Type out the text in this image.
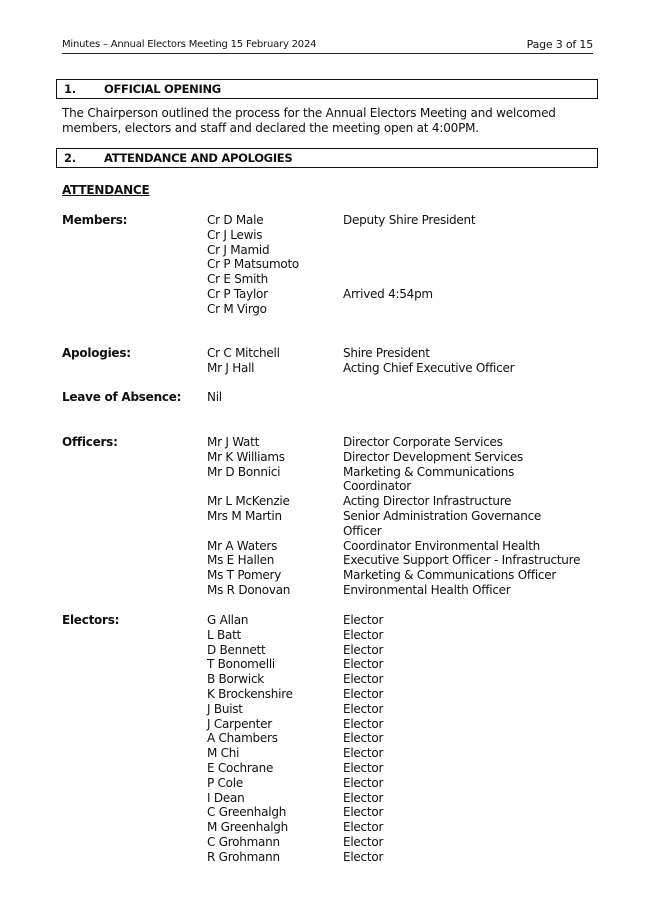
Minutes – Annual Electors Meeting 15 February 2024	Page 3 of 15
1. OFFICIAL OPENING
The Chairperson outlined the process for the Annual Electors Meeting and welcomed members, electors and staff and declared the meeting open at 4:00PM.
2. ATTENDANCE AND APOLOGIES
ATTENDANCE
Members:	Cr D Male	Deputy Shire President
Cr J Lewis
Cr J Mamid
Cr P Matsumoto
Cr E Smith
Cr P Taylor	Arrived 4:54pm
Cr M Virgo
Apologies:	Cr C Mitchell	Shire President
Mr J Hall	Acting Chief Executive Officer
Leave of Absence: Nil
Officers:	Mr J Watt	Director Corporate Services
Mr K Williams	Director Development Services
Mr D Bonnici	Marketing & Communications
Coordinator
Mr L McKenzie	Acting Director Infrastructure
Mrs M Martin	Senior Administration Governance
Officer
Mr A Waters	Coordinator Environmental Health
Ms E Hallen	Executive Support Officer - Infrastructure
Ms T Pomery	Marketing & Communications Officer
Ms R Donovan	Environmental Health Officer
Electors:	G Allan	Elector
L Batt	Elector
D Bennett	Elector
T Bonomelli	Elector
B Borwick	Elector
K Brockenshire	Elector
J Buist	Elector
J Carpenter	Elector
A Chambers	Elector
M Chi	Elector
E Cochrane	Elector
P Cole	Elector
I Dean	Elector
C Greenhalgh	Elector
M Greenhalgh	Elector
C Grohmann	Elector
R Grohmann	Elector
